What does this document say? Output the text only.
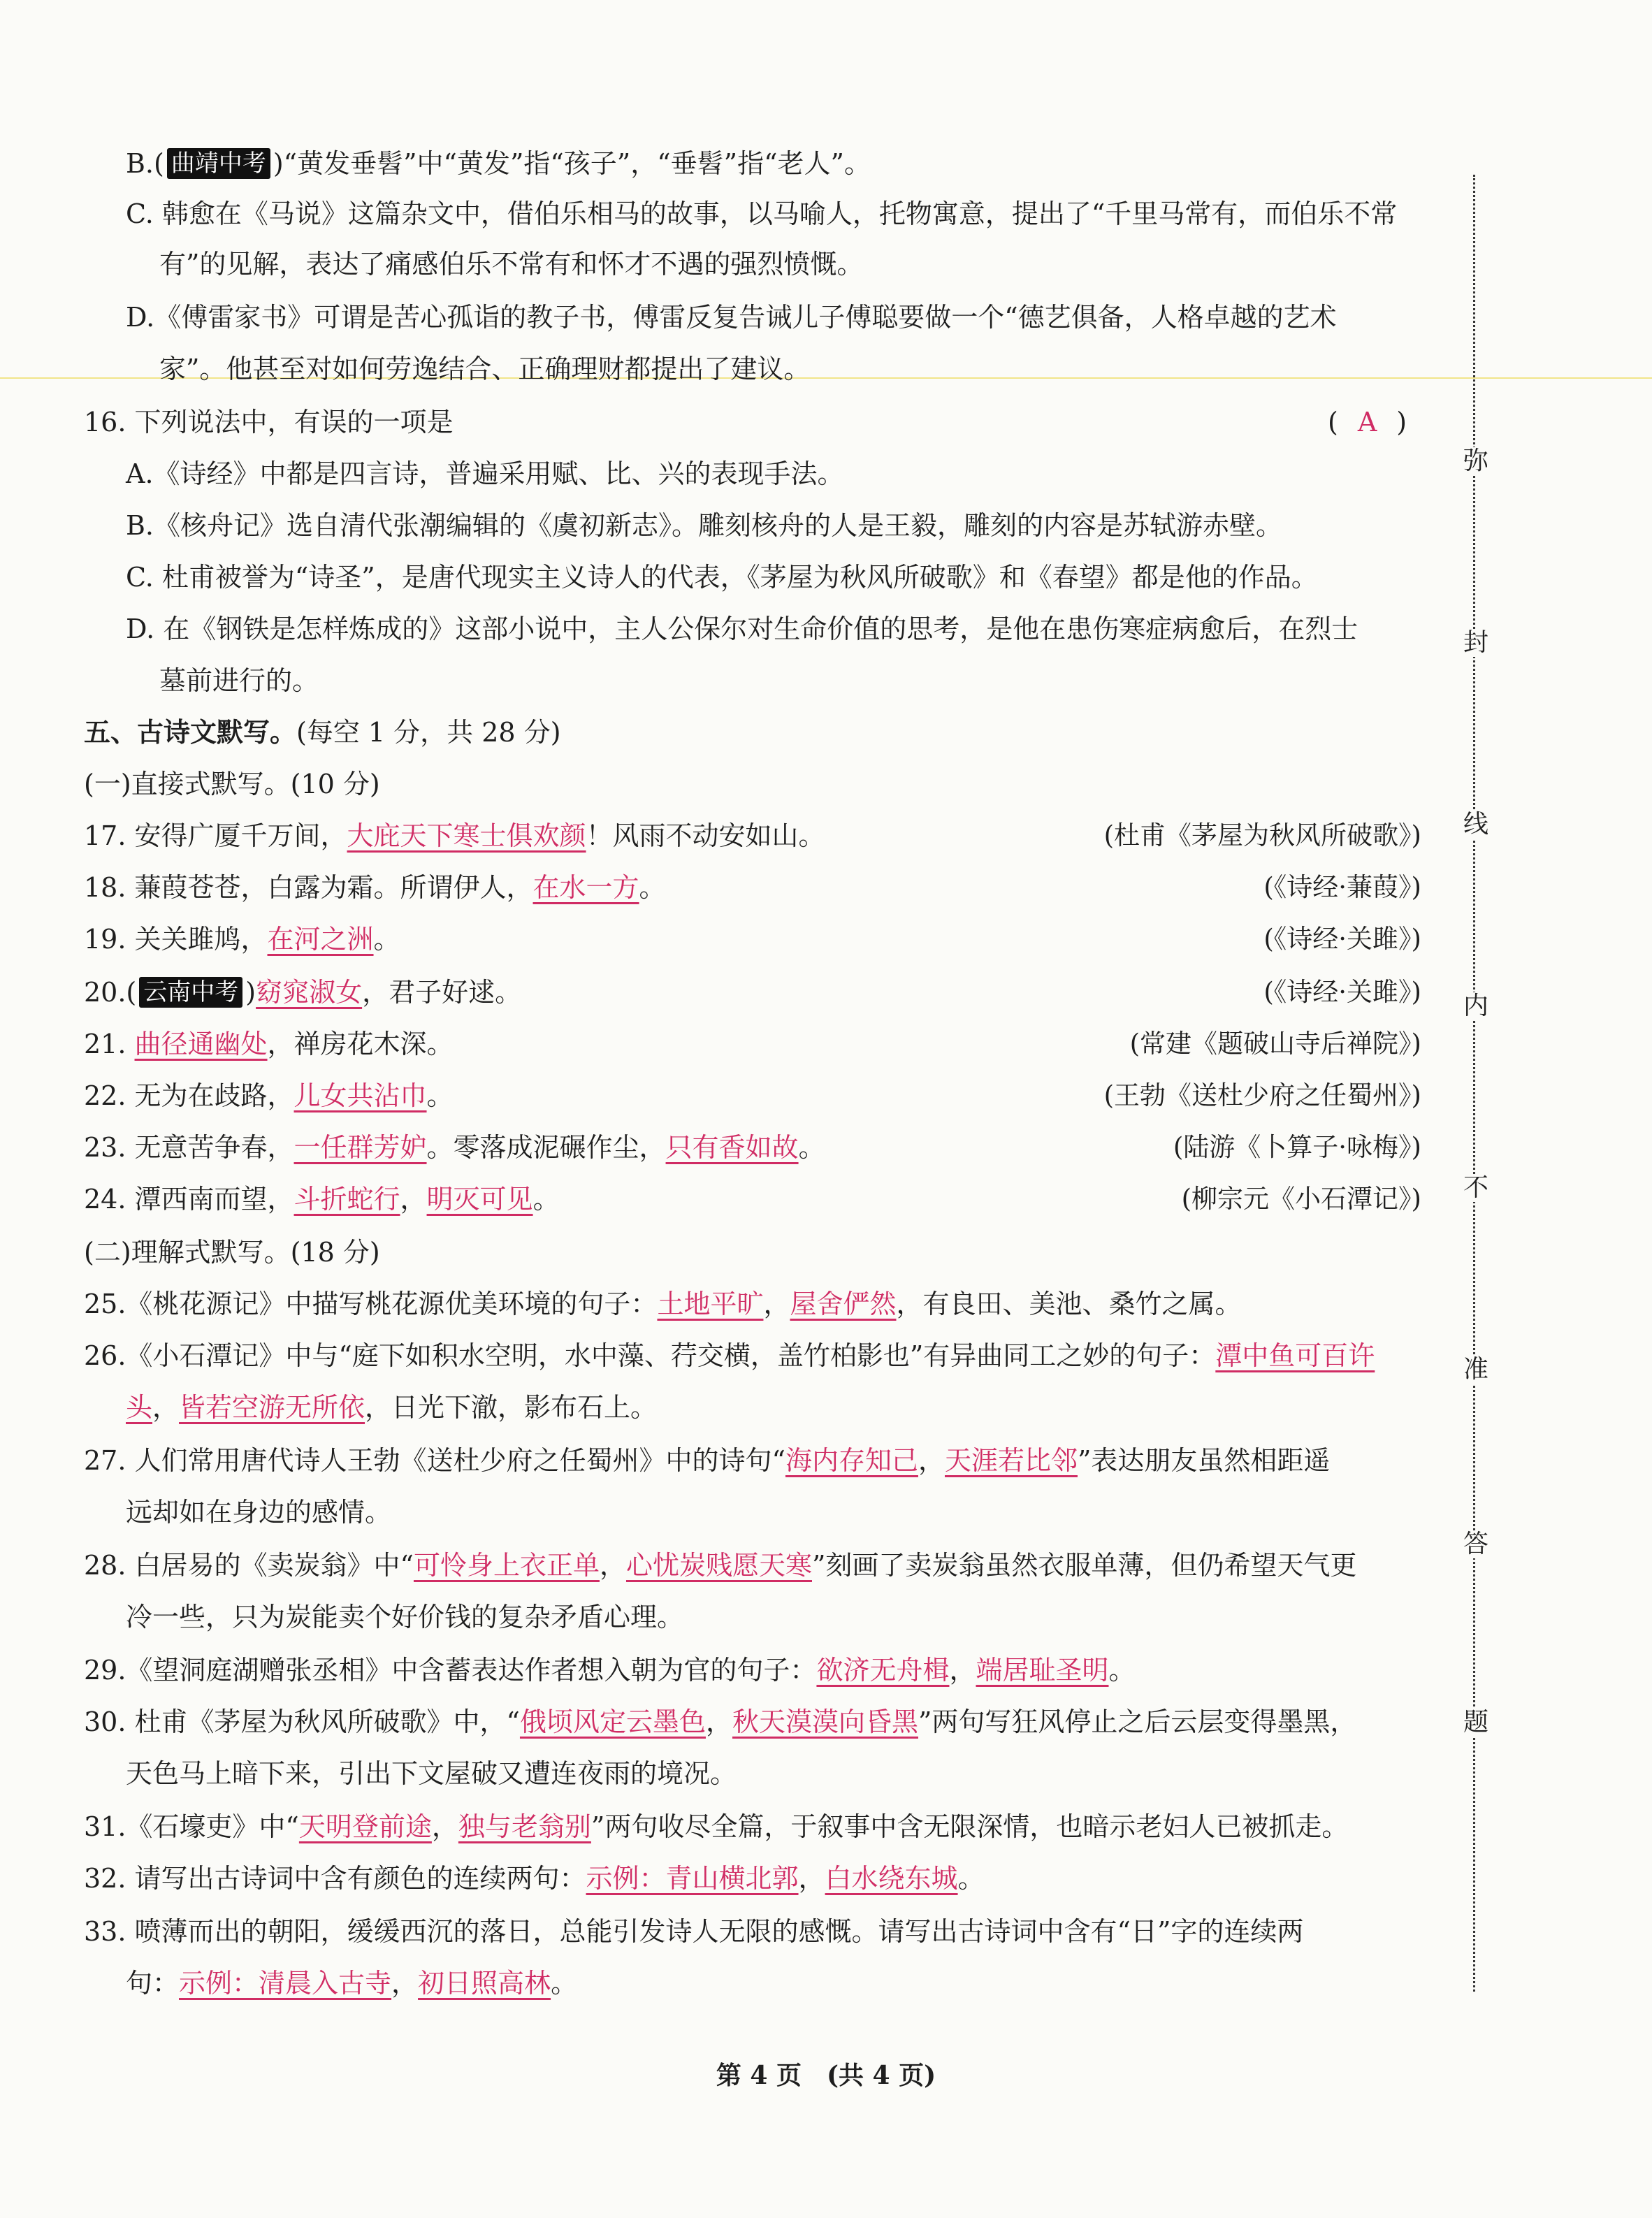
B.( 曲靖中考 )“黄发垂髫”中“黄发”指“孩子”，“垂髫”指“老人”。
C. 韩愈在《马说》这篇杂文中，借伯乐相马的故事，以马喻人，托物寓意，提出了“千里马常有，而伯乐不常
有”的见解，表达了痛感伯乐不常有和怀才不遇的强烈愤慨。
D.《傅雷家书》可谓是苦心孤诣的教子书，傅雷反复告诫儿子傅聪要做一个“德艺俱备，人格卓越的艺术
家”。他甚至对如何劳逸结合、正确理财都提出了建议。
16. 下列说法中，有误的一项是	( A )
A.《诗经》中都是四言诗，普遍采用赋、比、兴的表现手法。
B.《核舟记》选自清代张潮编辑的《虞初新志》。雕刻核舟的人是王毅，雕刻的内容是苏轼游赤壁。
C. 杜甫被誉为“诗圣”，是唐代现实主义诗人的代表，《茅屋为秋风所破歌》和《春望》都是他的作品。
D. 在《钢铁是怎样炼成的》这部小说中，主人公保尔对生命价值的思考，是他在患伤寒症病愈后，在烈士
墓前进行的。
五、古诗文默写。(每空 1 分，共 28 分)
(一)直接式默写。(10 分)
17. 安得广厦千万间，大庇天下寒士俱欢颜！风雨不动安如山。	(杜甫《茅屋为秋风所破歌》)
18. 蒹葭苍苍，白露为霜。所谓伊人，在水一方。	(《诗经·蒹葭》)
19. 关关雎鸠，在河之洲。	(《诗经·关雎》)
20.( 云南中考 )窈窕淑女，君子好逑。	(《诗经·关雎》)
21. 曲径通幽处，禅房花木深。	(常建《题破山寺后禅院》)
22. 无为在歧路，儿女共沾巾。	(王勃《送杜少府之任蜀州》)
23. 无意苦争春，一任群芳妒。零落成泥碾作尘，只有香如故。	(陆游《卜算子·咏梅》)
24. 潭西南而望，斗折蛇行，明灭可见。	(柳宗元《小石潭记》)
(二)理解式默写。(18 分)
25.《桃花源记》中描写桃花源优美环境的句子：土地平旷，屋舍俨然，有良田、美池、桑竹之属。
26.《小石潭记》中与“庭下如积水空明，水中藻、荇交横，盖竹柏影也”有异曲同工之妙的句子：潭中鱼可百许
头，皆若空游无所依，日光下澈，影布石上。
27. 人们常用唐代诗人王勃《送杜少府之任蜀州》中的诗句“海内存知己，天涯若比邻”表达朋友虽然相距遥
远却如在身边的感情。
28. 白居易的《卖炭翁》中“可怜身上衣正单，心忧炭贱愿天寒”刻画了卖炭翁虽然衣服单薄，但仍希望天气更
冷一些，只为炭能卖个好价钱的复杂矛盾心理。
29.《望洞庭湖赠张丞相》中含蓄表达作者想入朝为官的句子：欲济无舟楫，端居耻圣明。
30. 杜甫《茅屋为秋风所破歌》中，“俄顷风定云墨色，秋天漠漠向昏黑”两句写狂风停止之后云层变得墨黑，
天色马上暗下来，引出下文屋破又遭连夜雨的境况。
31.《石壕吏》中“天明登前途，独与老翁别”两句收尽全篇，于叙事中含无限深情，也暗示老妇人已被抓走。
32. 请写出古诗词中含有颜色的连续两句：示例：青山横北郭，白水绕东城。
33. 喷薄而出的朝阳，缓缓西沉的落日，总能引发诗人无限的感慨。请写出古诗词中含有“日”字的连续两
句：示例：清晨入古寺，初日照高林。
弥
封
线
内
不
准
答
题
第 4 页 (共 4 页)
